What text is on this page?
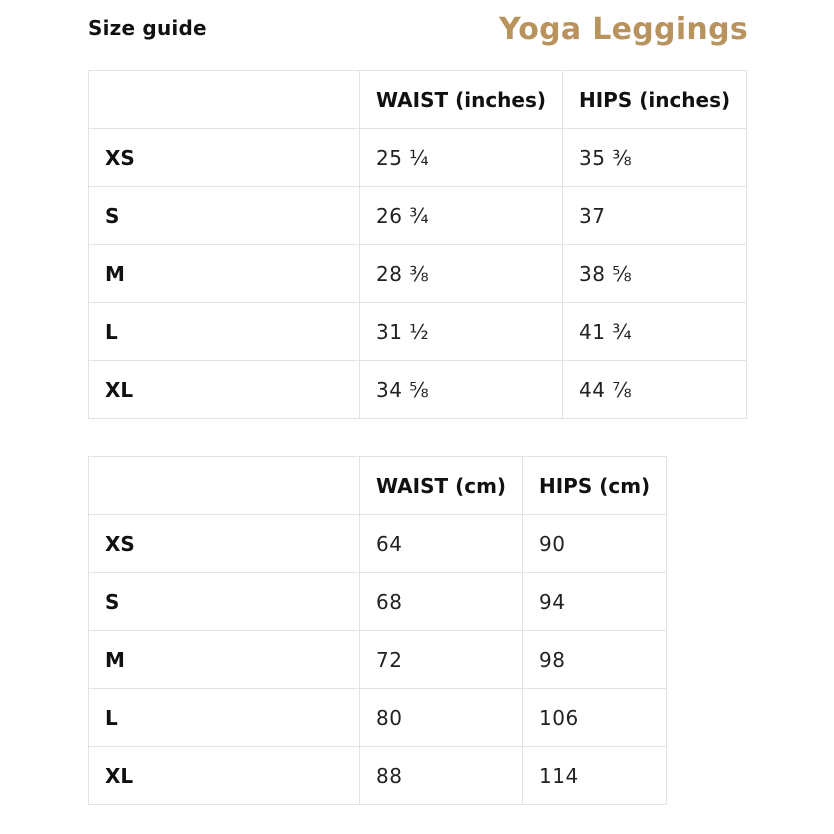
Size guide	Yoga Leggings
	WAIST (inches)	HIPS (inches)
XS	25 ¼	35 ⅜
S	26 ¾	37
M	28 ⅜	38 ⅝
L	31 ½	41 ¾
XL	34 ⅝	44 ⅞
	WAIST (cm)	HIPS (cm)
XS	64	90
S	68	94
M	72	98
L	80	106
XL	88	114
